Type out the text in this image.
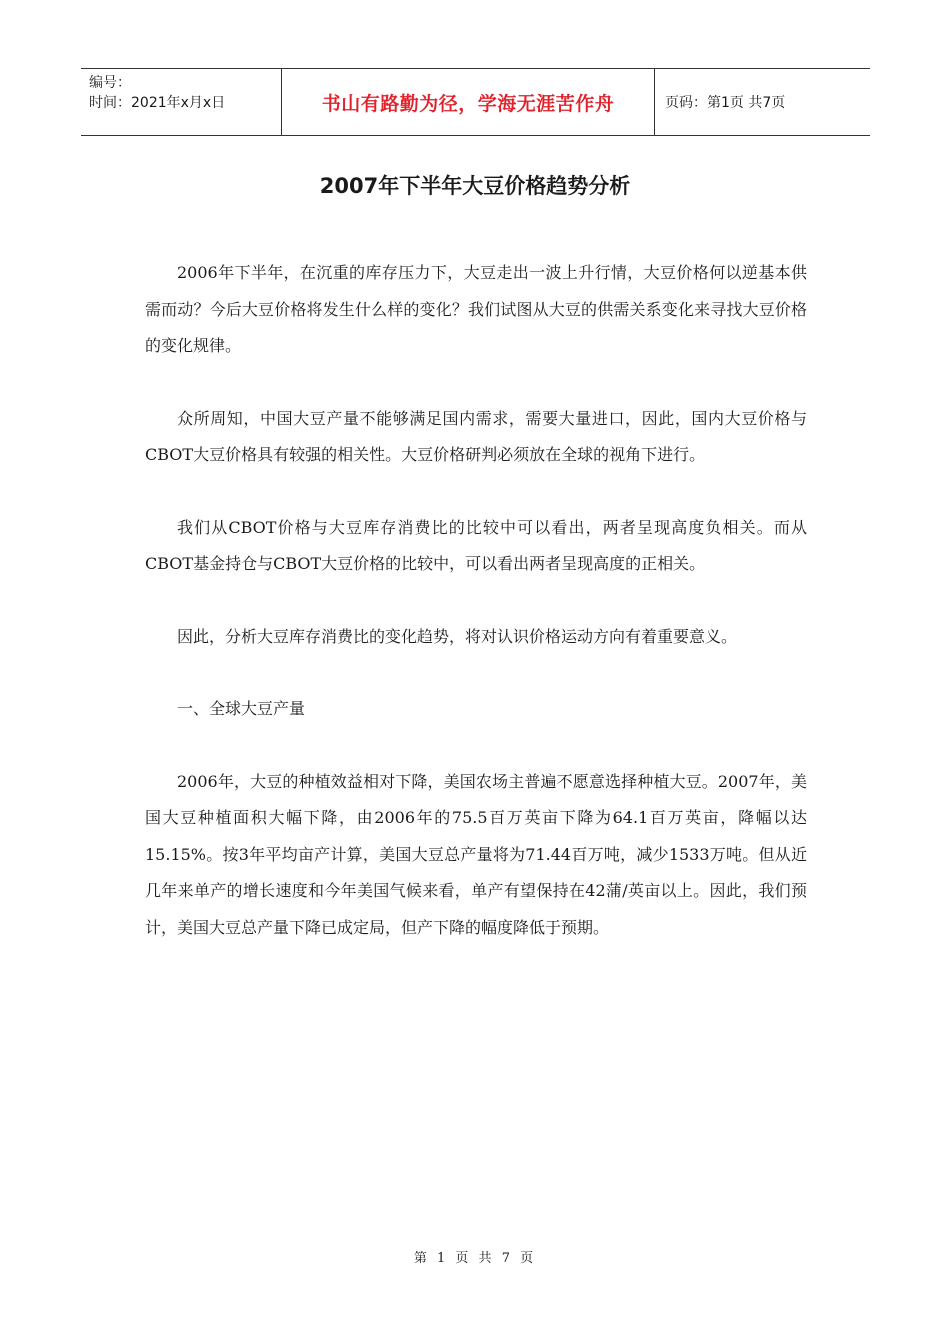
编号：
时间：2021年x月x日	书山有路勤为径，学海无涯苦作舟	页码：第1页 共7页
2007年下半年大豆价格趋势分析

2006年下半年，在沉重的库存压力下，大豆走出一波上升行情，大豆价格何以逆基本供需而动？今后大豆价格将发生什么样的变化？我们试图从大豆的供需关系变化来寻找大豆价格的变化规律。

众所周知，中国大豆产量不能够满足国内需求，需要大量进口，因此，国内大豆价格与 CBOT大豆价格具有较强的相关性。大豆价格研判必须放在全球的视角下进行。

我们从CBOT价格与大豆库存消费比的比较中可以看出，两者呈现高度负相关。而从CBOT基金持仓与CBOT大豆价格的比较中，可以看出两者呈现高度的正相关。

因此，分析大豆库存消费比的变化趋势，将对认识价格运动方向有着重要意义。

一、全球大豆产量

2006年，大豆的种植效益相对下降，美国农场主普遍不愿意选择种植大豆。2007年，美国大豆种植面积大幅下降，由2006年的75.5百万英亩下降为64.1百万英亩，降幅以达15.15%。按3年平均亩产计算，美国大豆总产量将为71.44百万吨，减少1533万吨。但从近几年来单产的增长速度和今年美国气候来看，单产有望保持在42蒲/英亩以上。因此，我们预计，美国大豆总产量下降已成定局，但产下降的幅度降低于预期。

第 1 页 共 7 页
